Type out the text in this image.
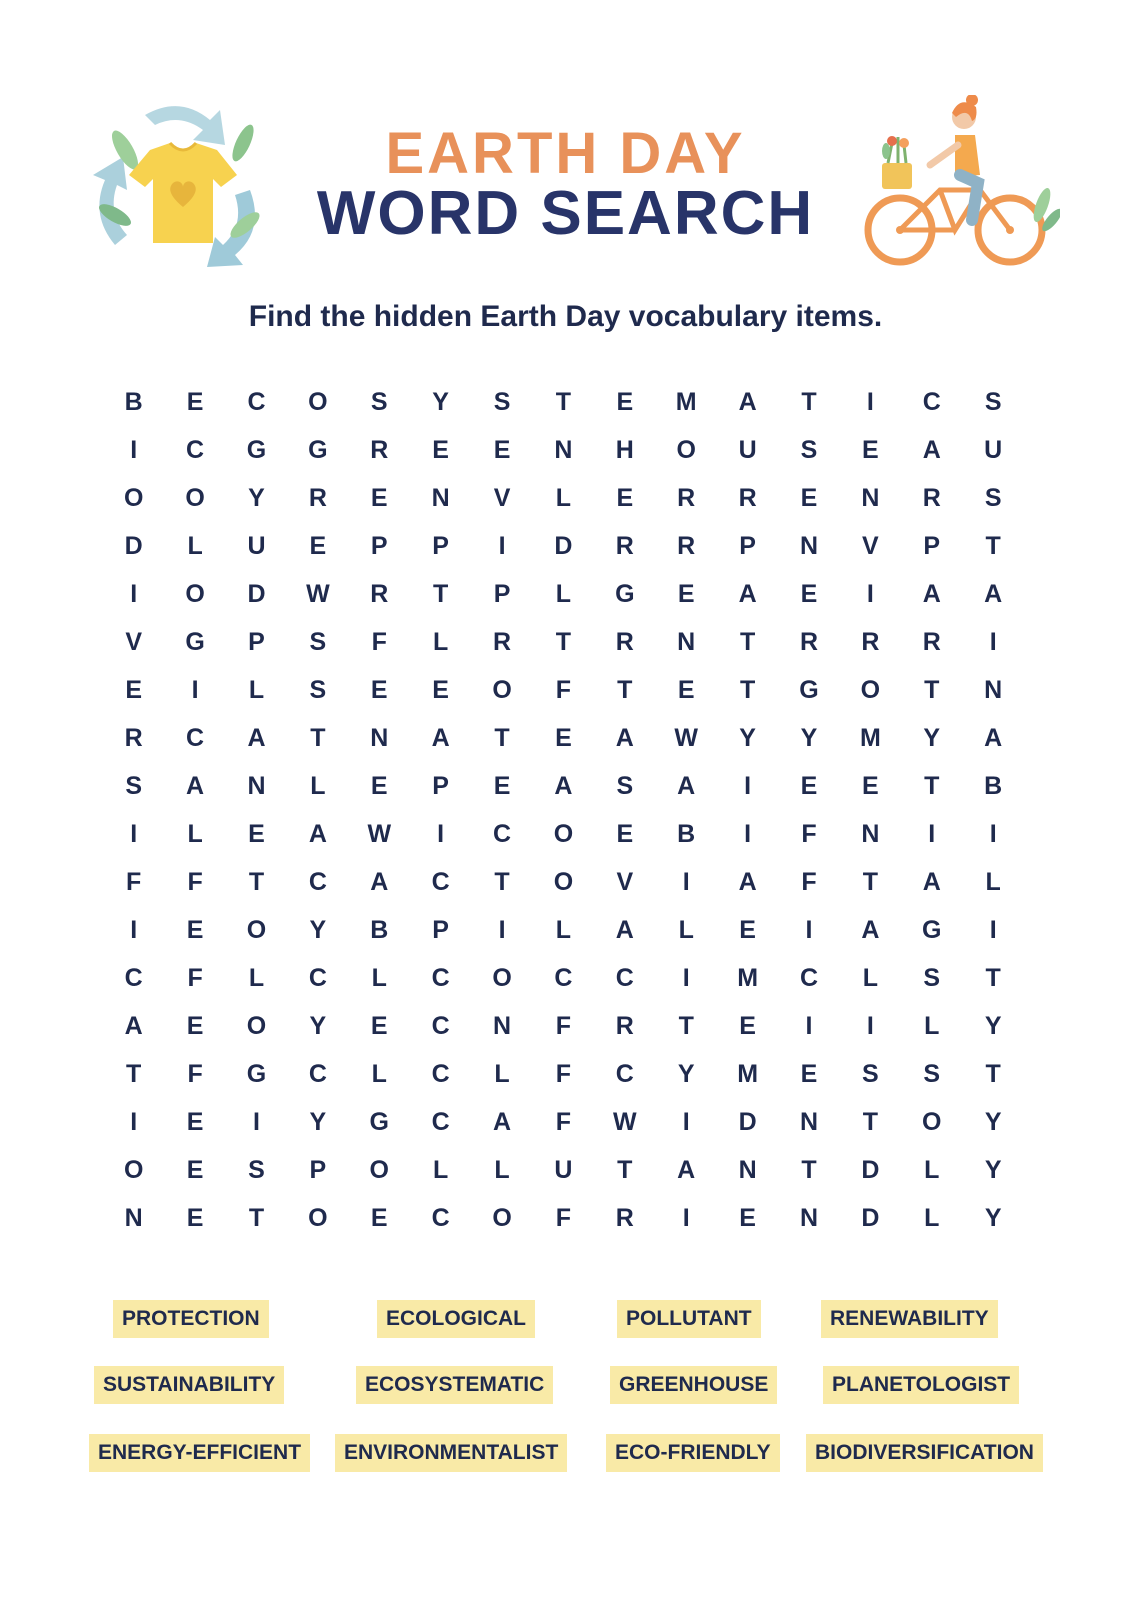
EARTH DAY
WORD SEARCH
Find the hidden Earth Day vocabulary items.
B	E	C	O	S	Y	S	T	E	M	A	T	I	C	S
I	C	G	G	R	E	E	N	H	O	U	S	E	A	U
O	O	Y	R	E	N	V	L	E	R	R	E	N	R	S
D	L	U	E	P	P	I	D	R	R	P	N	V	P	T
I	O	D	W	R	T	P	L	G	E	A	E	I	A	A
V	G	P	S	F	L	R	T	R	N	T	R	R	R	I
E	I	L	S	E	E	O	F	T	E	T	G	O	T	N
R	C	A	T	N	A	T	E	A	W	Y	Y	M	Y	A
S	A	N	L	E	P	E	A	S	A	I	E	E	T	B
I	L	E	A	W	I	C	O	E	B	I	F	N	I	I
F	F	T	C	A	C	T	O	V	I	A	F	T	A	L
I	E	O	Y	B	P	I	L	A	L	E	I	A	G	I
C	F	L	C	L	C	O	C	C	I	M	C	L	S	T
A	E	O	Y	E	C	N	F	R	T	E	I	I	L	Y
T	F	G	C	L	C	L	F	C	Y	M	E	S	S	T
I	E	I	Y	G	C	A	F	W	I	D	N	T	O	Y
O	E	S	P	O	L	L	U	T	A	N	T	D	L	Y
N	E	T	O	E	C	O	F	R	I	E	N	D	L	Y
PROTECTION	ECOLOGICAL	POLLUTANT	RENEWABILITY
SUSTAINABILITY	ECOSYSTEMATIC	GREENHOUSE	PLANETOLOGIST
ENERGY-EFFICIENT	ENVIRONMENTALIST	ECO-FRIENDLY	BIODIVERSIFICATION
